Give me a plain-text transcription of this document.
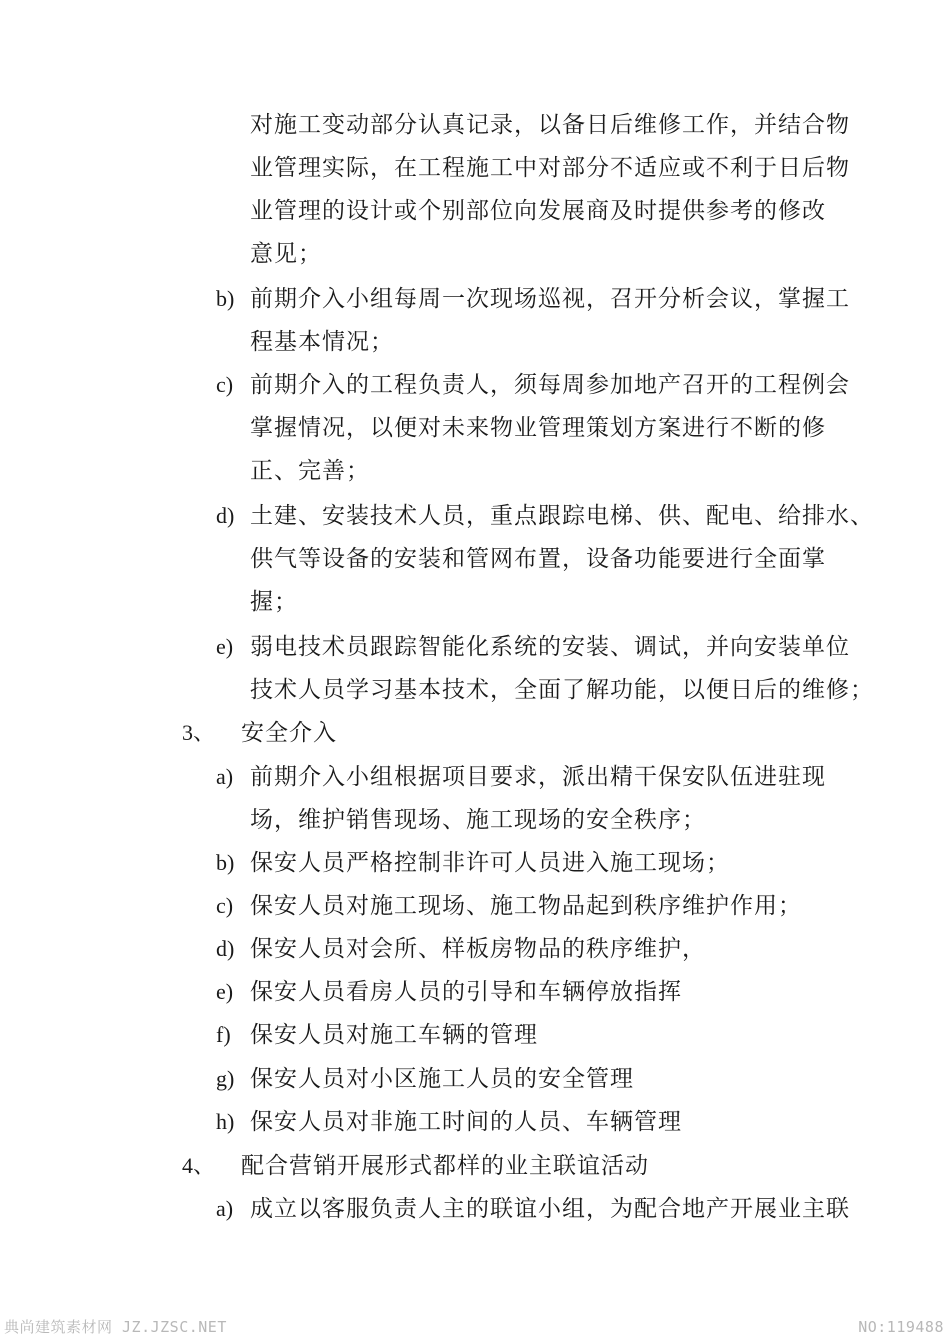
对施工变动部分认真记录，以备日后维修工作，并结合物
业管理实际，在工程施工中对部分不适应或不利于日后物
业管理的设计或个别部位向发展商及时提供参考的修改
意见；
b) 前期介入小组每周一次现场巡视，召开分析会议，掌握工
程基本情况；
c) 前期介入的工程负责人，须每周参加地产召开的工程例会
掌握情况，以便对未来物业管理策划方案进行不断的修
正、完善；
d) 土建、安装技术人员，重点跟踪电梯、供、配电、给排水、
供气等设备的安装和管网布置，设备功能要进行全面掌
握；
e) 弱电技术员跟踪智能化系统的安装、调试，并向安装单位
技术人员学习基本技术，全面了解功能，以便日后的维修；
3、 安全介入
a) 前期介入小组根据项目要求，派出精干保安队伍进驻现
场，维护销售现场、施工现场的安全秩序；
b) 保安人员严格控制非许可人员进入施工现场；
c) 保安人员对施工现场、施工物品起到秩序维护作用；
d) 保安人员对会所、样板房物品的秩序维护，
e) 保安人员看房人员的引导和车辆停放指挥
f) 保安人员对施工车辆的管理
g) 保安人员对小区施工人员的安全管理
h) 保安人员对非施工时间的人员、车辆管理
4、 配合营销开展形式都样的业主联谊活动
a) 成立以客服负责人主的联谊小组，为配合地产开展业主联
典尚建筑素材网 JZ.JZSC.NET	NO:119488
